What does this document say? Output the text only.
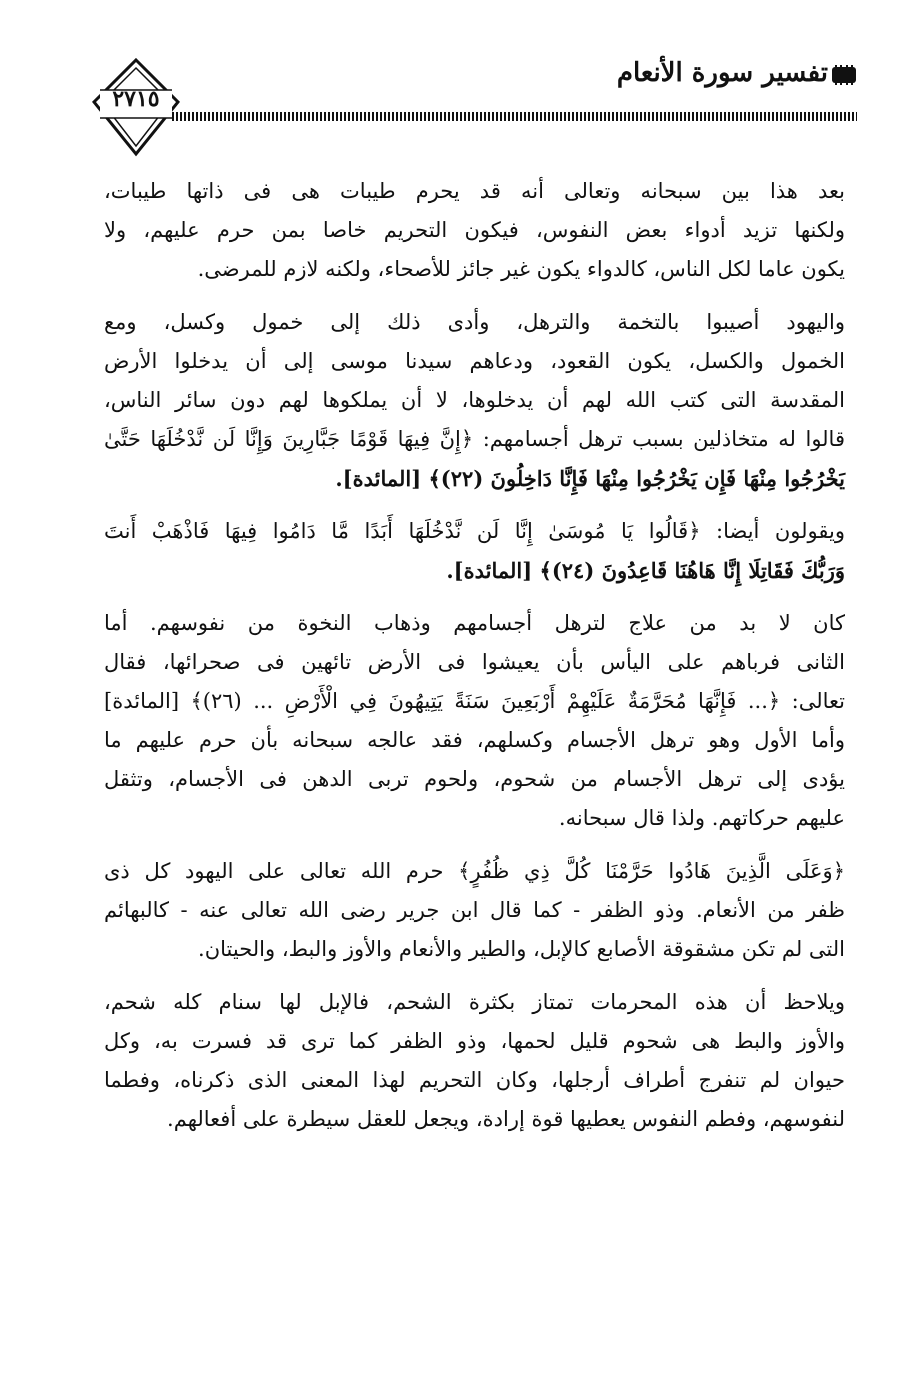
تفسير سورة الأنعام
٢٧١٥

بعد هذا بين سبحانه وتعالى أنه قد يحرم طيبات هى فى ذاتها طيبات،
ولكنها تزيد أدواء بعض النفوس، فيكون التحريم خاصا بمن حرم عليهم، ولا
يكون عاما لكل الناس، كالدواء يكون غير جائز للأصحاء، ولكنه لازم للمرضى.

واليهود أصيبوا بالتخمة والترهل، وأدى ذلك إلى خمول وكسل، ومع
الخمول والكسل، يكون القعود، ودعاهم سيدنا موسى إلى أن يدخلوا الأرض
المقدسة التى كتب الله لهم أن يدخلوها، لا أن يملكوها لهم دون سائر الناس،
قالوا له متخاذلين بسبب ترهل أجسامهم: ﴿إِنَّ فِيهَا قَوْمًا جَبَّارِينَ وَإِنَّا لَن نَّدْخُلَهَا حَتَّىٰ
يَخْرُجُوا مِنْهَا فَإِن يَخْرُجُوا مِنْهَا فَإِنَّا دَاخِلُونَ (٢٢)﴾ [المائدة].

ويقولون أيضا: ﴿قَالُوا يَا مُوسَىٰ إِنَّا لَن نَّدْخُلَهَا أَبَدًا مَّا دَامُوا فِيهَا فَاذْهَبْ أَنتَ
وَرَبُّكَ فَقَاتِلَا إِنَّا هَاهُنَا قَاعِدُونَ (٢٤)﴾ [المائدة].

كان لا بد من علاج لترهل أجسامهم وذهاب النخوة من نفوسهم. أما
الثانى فرباهم على اليأس بأن يعيشوا فى الأرض تائهين فى صحرائها، فقال
تعالى: ﴿... فَإِنَّهَا مُحَرَّمَةٌ عَلَيْهِمْ أَرْبَعِينَ سَنَةً يَتِيهُونَ فِي الْأَرْضِ ... (٢٦)﴾ [المائدة]
وأما الأول وهو ترهل الأجسام وكسلهم، فقد عالجه سبحانه بأن حرم عليهم ما
يؤدى إلى ترهل الأجسام من شحوم، ولحوم تربى الدهن فى الأجسام، وتثقل
عليهم حركاتهم. ولذا قال سبحانه.

﴿وَعَلَى الَّذِينَ هَادُوا حَرَّمْنَا كُلَّ ذِي ظُفُرٍ﴾ حرم الله تعالى على اليهود كل ذى
ظفر من الأنعام. وذو الظفر - كما قال ابن جرير رضى الله تعالى عنه - كالبهائم
التى لم تكن مشقوقة الأصابع كالإبل، والطير والأنعام والأوز والبط، والحيتان.

ويلاحظ أن هذه المحرمات تمتاز بكثرة الشحم، فالإبل لها سنام كله شحم،
والأوز والبط هى شحوم قليل لحمها، وذو الظفر كما ترى قد فسرت به، وكل
حيوان لم تنفرج أطراف أرجلها، وكان التحريم لهذا المعنى الذى ذكرناه، وفطما
لنفوسهم، وفطم النفوس يعطيها قوة إرادة، ويجعل للعقل سيطرة على أفعالهم.
